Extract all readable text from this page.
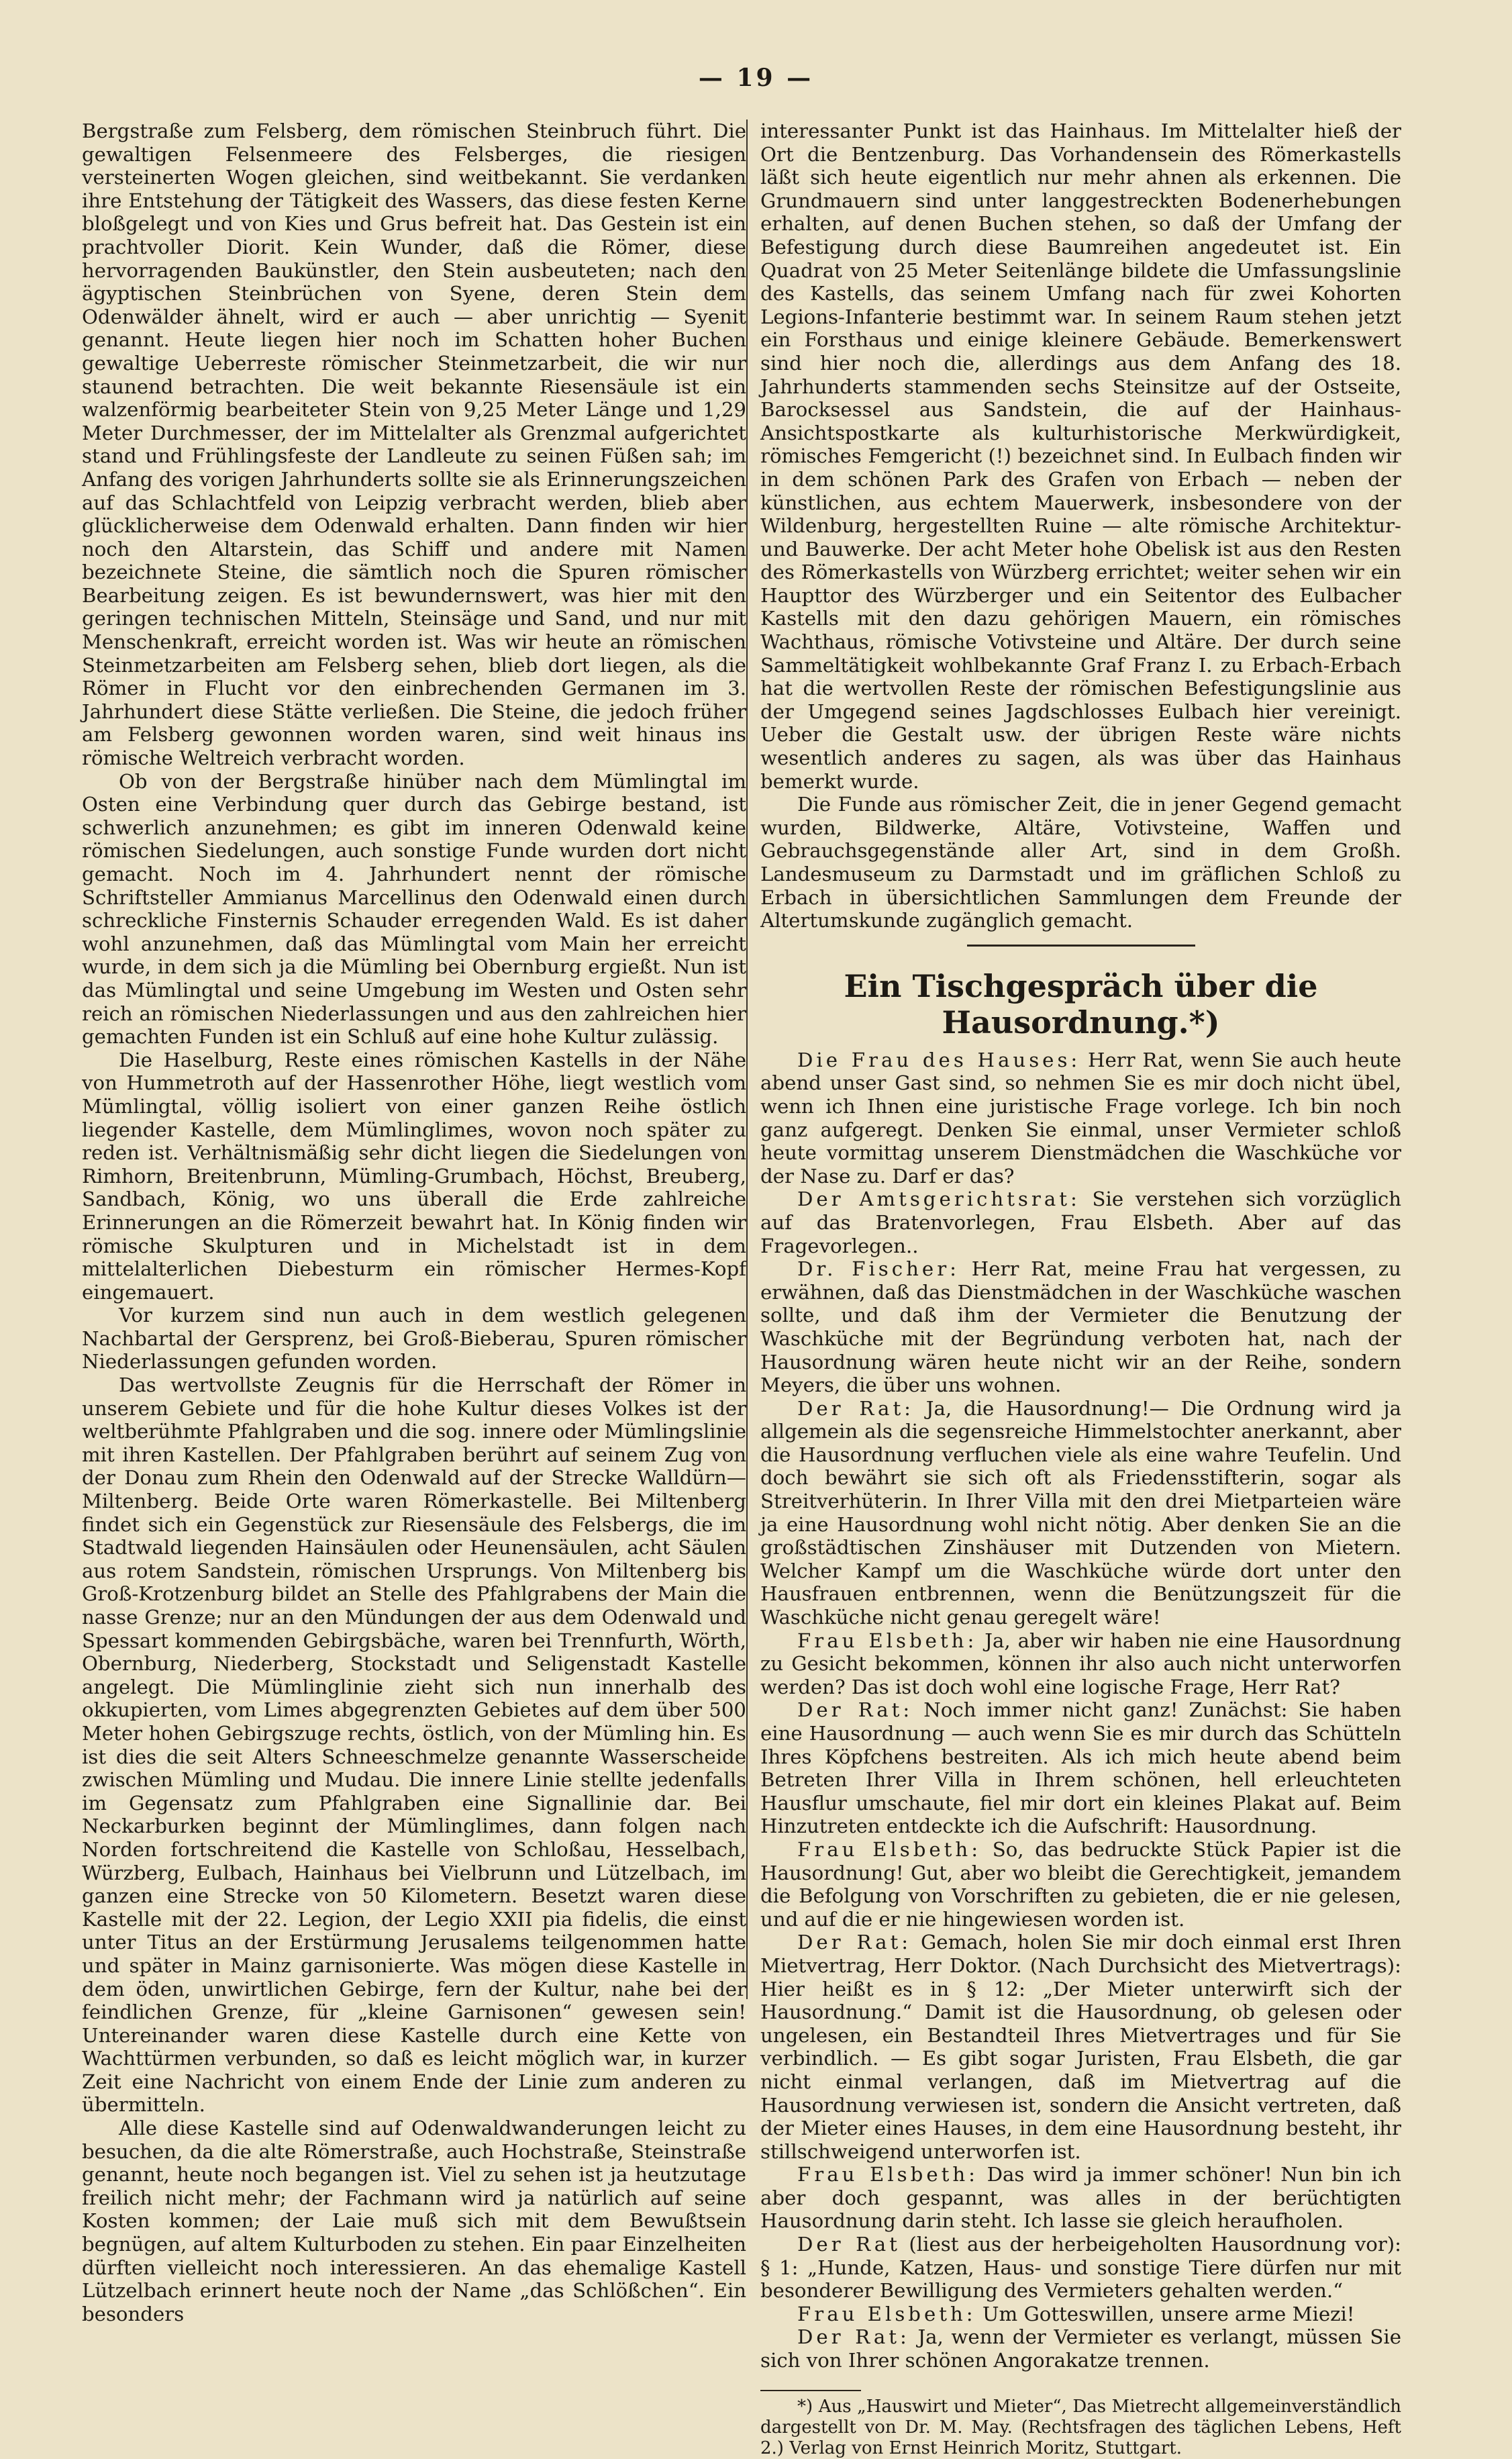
— 19 —

Bergstraße zum Felsberg, dem römischen Steinbruch führt. Die gewaltigen Felsenmeere des Felsberges, die riesigen versteinerten Wogen gleichen, sind weitbekannt. Sie verdanken ihre Entstehung der Tätigkeit des Wassers, das diese festen Kerne bloßgelegt und von Kies und Grus befreit hat. Das Gestein ist ein prachtvoller Diorit. Kein Wunder, daß die Römer, diese hervorragenden Baukünstler, den Stein ausbeuteten; nach den ägyptischen Steinbrüchen von Syene, deren Stein dem Odenwälder ähnelt, wird er auch — aber unrichtig — Syenit genannt. Heute liegen hier noch im Schatten hoher Buchen gewaltige Ueberreste römischer Steinmetzarbeit, die wir nur staunend betrachten. Die weit bekannte Riesensäule ist ein walzenförmig bearbeiteter Stein von 9,25 Meter Länge und 1,29 Meter Durchmesser, der im Mittelalter als Grenzmal aufgerichtet stand und Frühlingsfeste der Landleute zu seinen Füßen sah; im Anfang des vorigen Jahrhunderts sollte sie als Erinnerungszeichen auf das Schlachtfeld von Leipzig verbracht werden, blieb aber glücklicherweise dem Odenwald erhalten. Dann finden wir hier noch den Altarstein, das Schiff und andere mit Namen bezeichnete Steine, die sämtlich noch die Spuren römischer Bearbeitung zeigen. Es ist bewundernswert, was hier mit den geringen technischen Mitteln, Steinsäge und Sand, und nur mit Menschenkraft, erreicht worden ist. Was wir heute an römischen Steinmetzarbeiten am Felsberg sehen, blieb dort liegen, als die Römer in Flucht vor den einbrechenden Germanen im 3. Jahrhundert diese Stätte verließen. Die Steine, die jedoch früher am Felsberg gewonnen worden waren, sind weit hinaus ins römische Weltreich verbracht worden.

Ob von der Bergstraße hinüber nach dem Mümlingtal im Osten eine Verbindung quer durch das Gebirge bestand, ist schwerlich anzunehmen; es gibt im inneren Odenwald keine römischen Siedelungen, auch sonstige Funde wurden dort nicht gemacht. Noch im 4. Jahrhundert nennt der römische Schriftsteller Ammianus Marcellinus den Odenwald einen durch schreckliche Finsternis Schauder erregenden Wald. Es ist daher wohl anzunehmen, daß das Mümlingtal vom Main her erreicht wurde, in dem sich ja die Mümling bei Obernburg ergießt. Nun ist das Mümlingtal und seine Umgebung im Westen und Osten sehr reich an römischen Niederlassungen und aus den zahlreichen hier gemachten Funden ist ein Schluß auf eine hohe Kultur zulässig.

Die Haselburg, Reste eines römischen Kastells in der Nähe von Hummetroth auf der Hassenrother Höhe, liegt westlich vom Mümlingtal, völlig isoliert von einer ganzen Reihe östlich liegender Kastelle, dem Mümlinglimes, wovon noch später zu reden ist. Verhältnismäßig sehr dicht liegen die Siedelungen von Rimhorn, Breitenbrunn, Mümling-Grumbach, Höchst, Breuberg, Sandbach, König, wo uns überall die Erde zahlreiche Erinnerungen an die Römerzeit bewahrt hat. In König finden wir römische Skulpturen und in Michelstadt ist in dem mittelalterlichen Diebesturm ein römischer Hermes-Kopf eingemauert.

Vor kurzem sind nun auch in dem westlich gelegenen Nachbartal der Gersprenz, bei Groß-Bieberau, Spuren römischer Niederlassungen gefunden worden.

Das wertvollste Zeugnis für die Herrschaft der Römer in unserem Gebiete und für die hohe Kultur dieses Volkes ist der weltberühmte Pfahlgraben und die sog. innere oder Mümlingslinie mit ihren Kastellen. Der Pfahlgraben berührt auf seinem Zug von der Donau zum Rhein den Odenwald auf der Strecke Walldürn—Miltenberg. Beide Orte waren Römerkastelle. Bei Miltenberg findet sich ein Gegenstück zur Riesensäule des Felsbergs, die im Stadtwald liegenden Hainsäulen oder Heunensäulen, acht Säulen aus rotem Sandstein, römischen Ursprungs. Von Miltenberg bis Groß-Krotzenburg bildet an Stelle des Pfahlgrabens der Main die nasse Grenze; nur an den Mündungen der aus dem Odenwald und Spessart kommenden Gebirgsbäche, waren bei Trennfurth, Wörth, Obernburg, Niederberg, Stockstadt und Seligenstadt Kastelle angelegt. Die Mümlinglinie zieht sich nun innerhalb des okkupierten, vom Limes abgegrenzten Gebietes auf dem über 500 Meter hohen Gebirgszuge rechts, östlich, von der Mümling hin. Es ist dies die seit Alters Schneeschmelze genannte Wasserscheide zwischen Mümling und Mudau. Die innere Linie stellte jedenfalls im Gegensatz zum Pfahlgraben eine Signallinie dar. Bei Neckarburken beginnt der Mümlinglimes, dann folgen nach Norden fortschreitend die Kastelle von Schloßau, Hesselbach, Würzberg, Eulbach, Hainhaus bei Vielbrunn und Lützelbach, im ganzen eine Strecke von 50 Kilometern. Besetzt waren diese Kastelle mit der 22. Legion, der Legio XXII pia fidelis, die einst unter Titus an der Erstürmung Jerusalems teilgenommen hatte und später in Mainz garnisonierte. Was mögen diese Kastelle in dem öden, unwirtlichen Gebirge, fern der Kultur, nahe bei der feindlichen Grenze, für „kleine Garnisonen“ gewesen sein! Untereinander waren diese Kastelle durch eine Kette von Wachttürmen verbunden, so daß es leicht möglich war, in kurzer Zeit eine Nachricht von einem Ende der Linie zum anderen zu übermitteln.

Alle diese Kastelle sind auf Odenwaldwanderungen leicht zu besuchen, da die alte Römerstraße, auch Hochstraße, Steinstraße genannt, heute noch begangen ist. Viel zu sehen ist ja heutzutage freilich nicht mehr; der Fachmann wird ja natürlich auf seine Kosten kommen; der Laie muß sich mit dem Bewußtsein begnügen, auf altem Kulturboden zu stehen. Ein paar Einzelheiten dürften vielleicht noch interessieren. An das ehemalige Kastell Lützelbach erinnert heute noch der Name „das Schlößchen“. Ein besonders

interessanter Punkt ist das Hainhaus. Im Mittelalter hieß der Ort die Bentzenburg. Das Vorhandensein des Römerkastells läßt sich heute eigentlich nur mehr ahnen als erkennen. Die Grundmauern sind unter langgestreckten Bodenerhebungen erhalten, auf denen Buchen stehen, so daß der Umfang der Befestigung durch diese Baumreihen angedeutet ist. Ein Quadrat von 25 Meter Seitenlänge bildete die Umfassungslinie des Kastells, das seinem Umfang nach für zwei Kohorten Legions-Infanterie bestimmt war. In seinem Raum stehen jetzt ein Forsthaus und einige kleinere Gebäude. Bemerkenswert sind hier noch die, allerdings aus dem Anfang des 18. Jahrhunderts stammenden sechs Steinsitze auf der Ostseite, Barocksessel aus Sandstein, die auf der Hainhaus-Ansichtspostkarte als kulturhistorische Merkwürdigkeit, römisches Femgericht (!) bezeichnet sind. In Eulbach finden wir in dem schönen Park des Grafen von Erbach — neben der künstlichen, aus echtem Mauerwerk, insbesondere von der Wildenburg, hergestellten Ruine — alte römische Architektur- und Bauwerke. Der acht Meter hohe Obelisk ist aus den Resten des Römerkastells von Würzberg errichtet; weiter sehen wir ein Haupttor des Würzberger und ein Seitentor des Eulbacher Kastells mit den dazu gehörigen Mauern, ein römisches Wachthaus, römische Votivsteine und Altäre. Der durch seine Sammeltätigkeit wohlbekannte Graf Franz I. zu Erbach-Erbach hat die wertvollen Reste der römischen Befestigungslinie aus der Umgegend seines Jagdschlosses Eulbach hier vereinigt. Ueber die Gestalt usw. der übrigen Reste wäre nichts wesentlich anderes zu sagen, als was über das Hainhaus bemerkt wurde.

Die Funde aus römischer Zeit, die in jener Gegend gemacht wurden, Bildwerke, Altäre, Votivsteine, Waffen und Gebrauchsgegenstände aller Art, sind in dem Großh. Landesmuseum zu Darmstadt und im gräflichen Schloß zu Erbach in übersichtlichen Sammlungen dem Freunde der Altertumskunde zugänglich gemacht.

Ein Tischgespräch über die Hausordnung.*)

Die Frau des Hauses: Herr Rat, wenn Sie auch heute abend unser Gast sind, so nehmen Sie es mir doch nicht übel, wenn ich Ihnen eine juristische Frage vorlege. Ich bin noch ganz aufgeregt. Denken Sie einmal, unser Vermieter schloß heute vormittag unserem Dienstmädchen die Waschküche vor der Nase zu. Darf er das?

Der Amtsgerichtsrat: Sie verstehen sich vorzüglich auf das Bratenvorlegen, Frau Elsbeth. Aber auf das Fragevorlegen..

Dr. Fischer: Herr Rat, meine Frau hat vergessen, zu erwähnen, daß das Dienstmädchen in der Waschküche waschen sollte, und daß ihm der Vermieter die Benutzung der Waschküche mit der Begründung verboten hat, nach der Hausordnung wären heute nicht wir an der Reihe, sondern Meyers, die über uns wohnen.

Der Rat: Ja, die Hausordnung!— Die Ordnung wird ja allgemein als die segensreiche Himmelstochter anerkannt, aber die Hausordnung verfluchen viele als eine wahre Teufelin. Und doch bewährt sie sich oft als Friedensstifterin, sogar als Streitverhüterin. In Ihrer Villa mit den drei Mietparteien wäre ja eine Hausordnung wohl nicht nötig. Aber denken Sie an die großstädtischen Zinshäuser mit Dutzenden von Mietern. Welcher Kampf um die Waschküche würde dort unter den Hausfrauen entbrennen, wenn die Benützungszeit für die Waschküche nicht genau geregelt wäre!

Frau Elsbeth: Ja, aber wir haben nie eine Hausordnung zu Gesicht bekommen, können ihr also auch nicht unterworfen werden? Das ist doch wohl eine logische Frage, Herr Rat?

Der Rat: Noch immer nicht ganz! Zunächst: Sie haben eine Hausordnung — auch wenn Sie es mir durch das Schütteln Ihres Köpfchens bestreiten. Als ich mich heute abend beim Betreten Ihrer Villa in Ihrem schönen, hell erleuchteten Hausflur umschaute, fiel mir dort ein kleines Plakat auf. Beim Hinzutreten entdeckte ich die Aufschrift: Hausordnung.

Frau Elsbeth: So, das bedruckte Stück Papier ist die Hausordnung! Gut, aber wo bleibt die Gerechtigkeit, jemandem die Befolgung von Vorschriften zu gebieten, die er nie gelesen, und auf die er nie hingewiesen worden ist.

Der Rat: Gemach, holen Sie mir doch einmal erst Ihren Mietvertrag, Herr Doktor. (Nach Durchsicht des Mietvertrags): Hier heißt es in § 12: „Der Mieter unterwirft sich der Hausordnung.“ Damit ist die Hausordnung, ob gelesen oder ungelesen, ein Bestandteil Ihres Mietvertrages und für Sie verbindlich. — Es gibt sogar Juristen, Frau Elsbeth, die gar nicht einmal verlangen, daß im Mietvertrag auf die Hausordnung verwiesen ist, sondern die Ansicht vertreten, daß der Mieter eines Hauses, in dem eine Hausordnung besteht, ihr stillschweigend unterworfen ist.

Frau Elsbeth: Das wird ja immer schöner! Nun bin ich aber doch gespannt, was alles in der berüchtigten Hausordnung darin steht. Ich lasse sie gleich heraufholen.

Der Rat (liest aus der herbeigeholten Hausordnung vor): § 1: „Hunde, Katzen, Haus- und sonstige Tiere dürfen nur mit besonderer Bewilligung des Vermieters gehalten werden.“

Frau Elsbeth: Um Gotteswillen, unsere arme Miezi!

Der Rat: Ja, wenn der Vermieter es verlangt, müssen Sie sich von Ihrer schönen Angorakatze trennen.

*) Aus „Hauswirt und Mieter“, Das Mietrecht allgemeinverständlich dargestellt von Dr. M. May. (Rechtsfragen des täglichen Lebens, Heft 2.) Verlag von Ernst Heinrich Moritz, Stuttgart.
